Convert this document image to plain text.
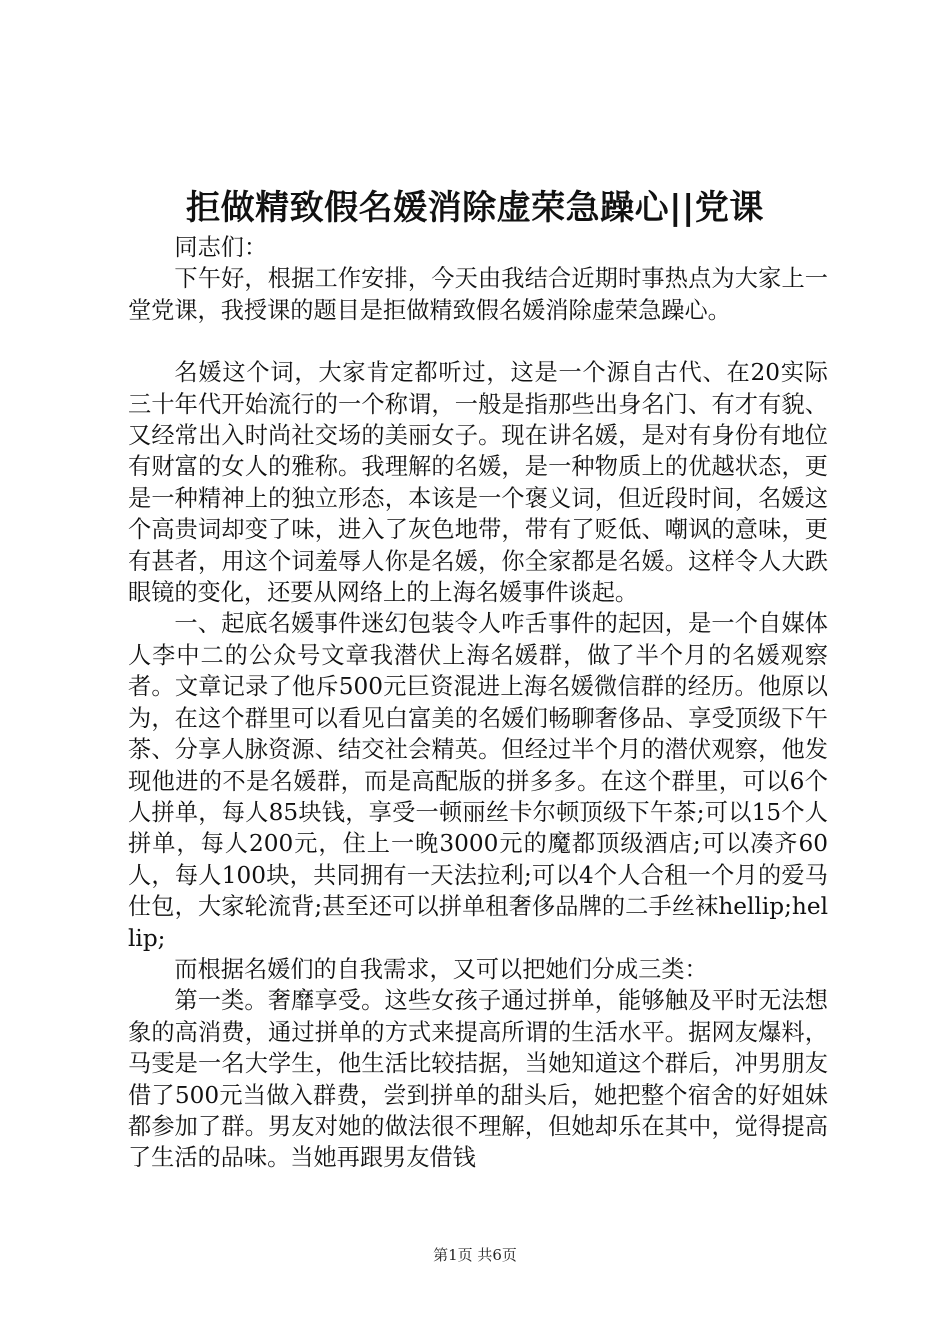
拒做精致假名媛消除虚荣急躁心||党课

同志们：

下午好，根据工作安排，今天由我结合近期时事热点为大家上一堂党课，我授课的题目是拒做精致假名媛消除虚荣急躁心。

名媛这个词，大家肯定都听过，这是一个源自古代、在20实际三十年代开始流行的一个称谓，一般是指那些出身名门、有才有貌、又经常出入时尚社交场的美丽女子。现在讲名媛，是对有身份有地位有财富的女人的雅称。我理解的名媛，是一种物质上的优越状态，更是一种精神上的独立形态，本该是一个褒义词，但近段时间，名媛这个高贵词却变了味，进入了灰色地带，带有了贬低、嘲讽的意味，更有甚者，用这个词羞辱人你是名媛，你全家都是名媛。这样令人大跌眼镜的变化，还要从网络上的上海名媛事件谈起。

一、起底名媛事件迷幻包装令人咋舌事件的起因，是一个自媒体人李中二的公众号文章我潜伏上海名媛群，做了半个月的名媛观察者。文章记录了他斥500元巨资混进上海名媛微信群的经历。他原以为，在这个群里可以看见白富美的名媛们畅聊奢侈品、享受顶级下午茶、分享人脉资源、结交社会精英。但经过半个月的潜伏观察，他发现他进的不是名媛群，而是高配版的拼多多。在这个群里，可以6个人拼单，每人85块钱，享受一顿丽丝卡尔顿顶级下午茶;可以15个人拼单，每人200元，住上一晚3000元的魔都顶级酒店;可以凑齐60人，每人100块，共同拥有一天法拉利;可以4个人合租一个月的爱马仕包，大家轮流背;甚至还可以拼单租奢侈品牌的二手丝袜hellip;hellip;

而根据名媛们的自我需求，又可以把她们分成三类：

第一类。奢靡享受。这些女孩子通过拼单，能够触及平时无法想象的高消费，通过拼单的方式来提高所谓的生活水平。据网友爆料，马雯是一名大学生，他生活比较拮据，当她知道这个群后，冲男朋友借了500元当做入群费，尝到拼单的甜头后，她把整个宿舍的好姐妹都参加了群。男友对她的做法很不理解，但她却乐在其中，觉得提高了生活的品味。当她再跟男友借钱

第1页 共6页
